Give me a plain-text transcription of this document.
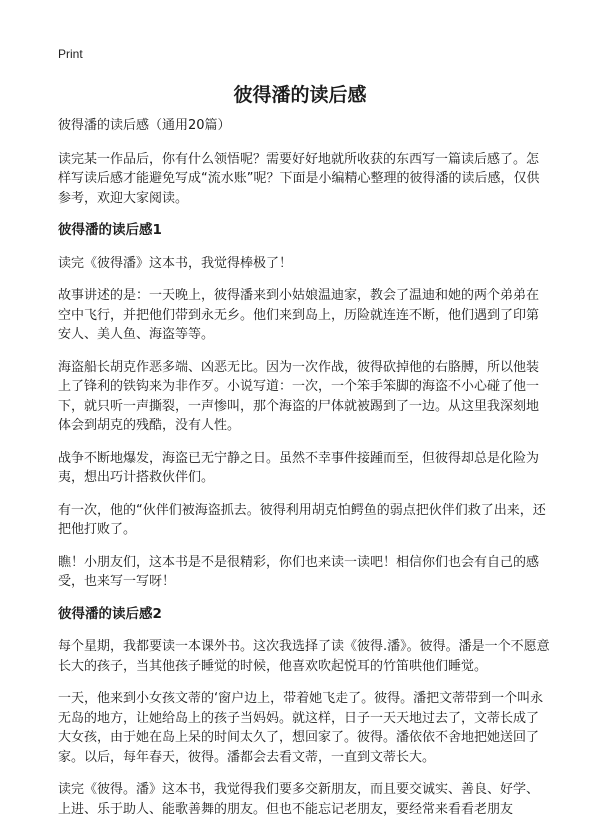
Print
彼得潘的读后感

彼得潘的读后感（通用20篇）

读完某一作品后，你有什么领悟呢？需要好好地就所收获的东西写一篇读后感了。怎样写读后感才能避免写成“流水账”呢？下面是小编精心整理的彼得潘的读后感，仅供参考，欢迎大家阅读。

彼得潘的读后感1

读完《彼得潘》这本书，我觉得棒极了！

故事讲述的是：一天晚上，彼得潘来到小姑娘温迪家，教会了温迪和她的两个弟弟在空中飞行，并把他们带到永无乡。他们来到岛上，历险就连连不断，他们遇到了印第安人、美人鱼、海盗等等。

海盗船长胡克作恶多端、凶恶无比。因为一次作战，彼得砍掉他的右胳膊，所以他装上了锋利的铁钩来为非作歹。小说写道：一次，一个笨手笨脚的海盗不小心碰了他一下，就只听一声撕裂，一声惨叫，那个海盗的尸体就被踢到了一边。从这里我深刻地体会到胡克的残酷，没有人性。

战争不断地爆发，海盗已无宁静之日。虽然不幸事件接踵而至，但彼得却总是化险为夷，想出巧计搭救伙伴们。

有一次，他的“伙伴们被海盗抓去。彼得利用胡克怕鳄鱼的弱点把伙伴们救了出来，还把他打败了。

瞧！小朋友们，这本书是不是很精彩，你们也来读一读吧！相信你们也会有自己的感受，也来写一写呀！

彼得潘的读后感2

每个星期，我都要读一本课外书。这次我选择了读《彼得.潘》。彼得。潘是一个不愿意长大的孩子，当其他孩子睡觉的时候，他喜欢吹起悦耳的竹笛哄他们睡觉。

一天，他来到小女孩文蒂的‘窗户边上，带着她飞走了。彼得。潘把文蒂带到一个叫永无岛的地方，让她给岛上的孩子当妈妈。就这样，日子一天天地过去了，文蒂长成了大女孩，由于她在岛上呆的时间太久了，想回家了。彼得。潘依依不舍地把她送回了家。以后，每年春天，彼得。潘都会去看文蒂，一直到文蒂长大。

读完《彼得。潘》这本书，我觉得我们要多交新朋友，而且要交诚实、善良、好学、上进、乐于助人、能歌善舞的朋友。但也不能忘记老朋友，要经常来看看老朋友
